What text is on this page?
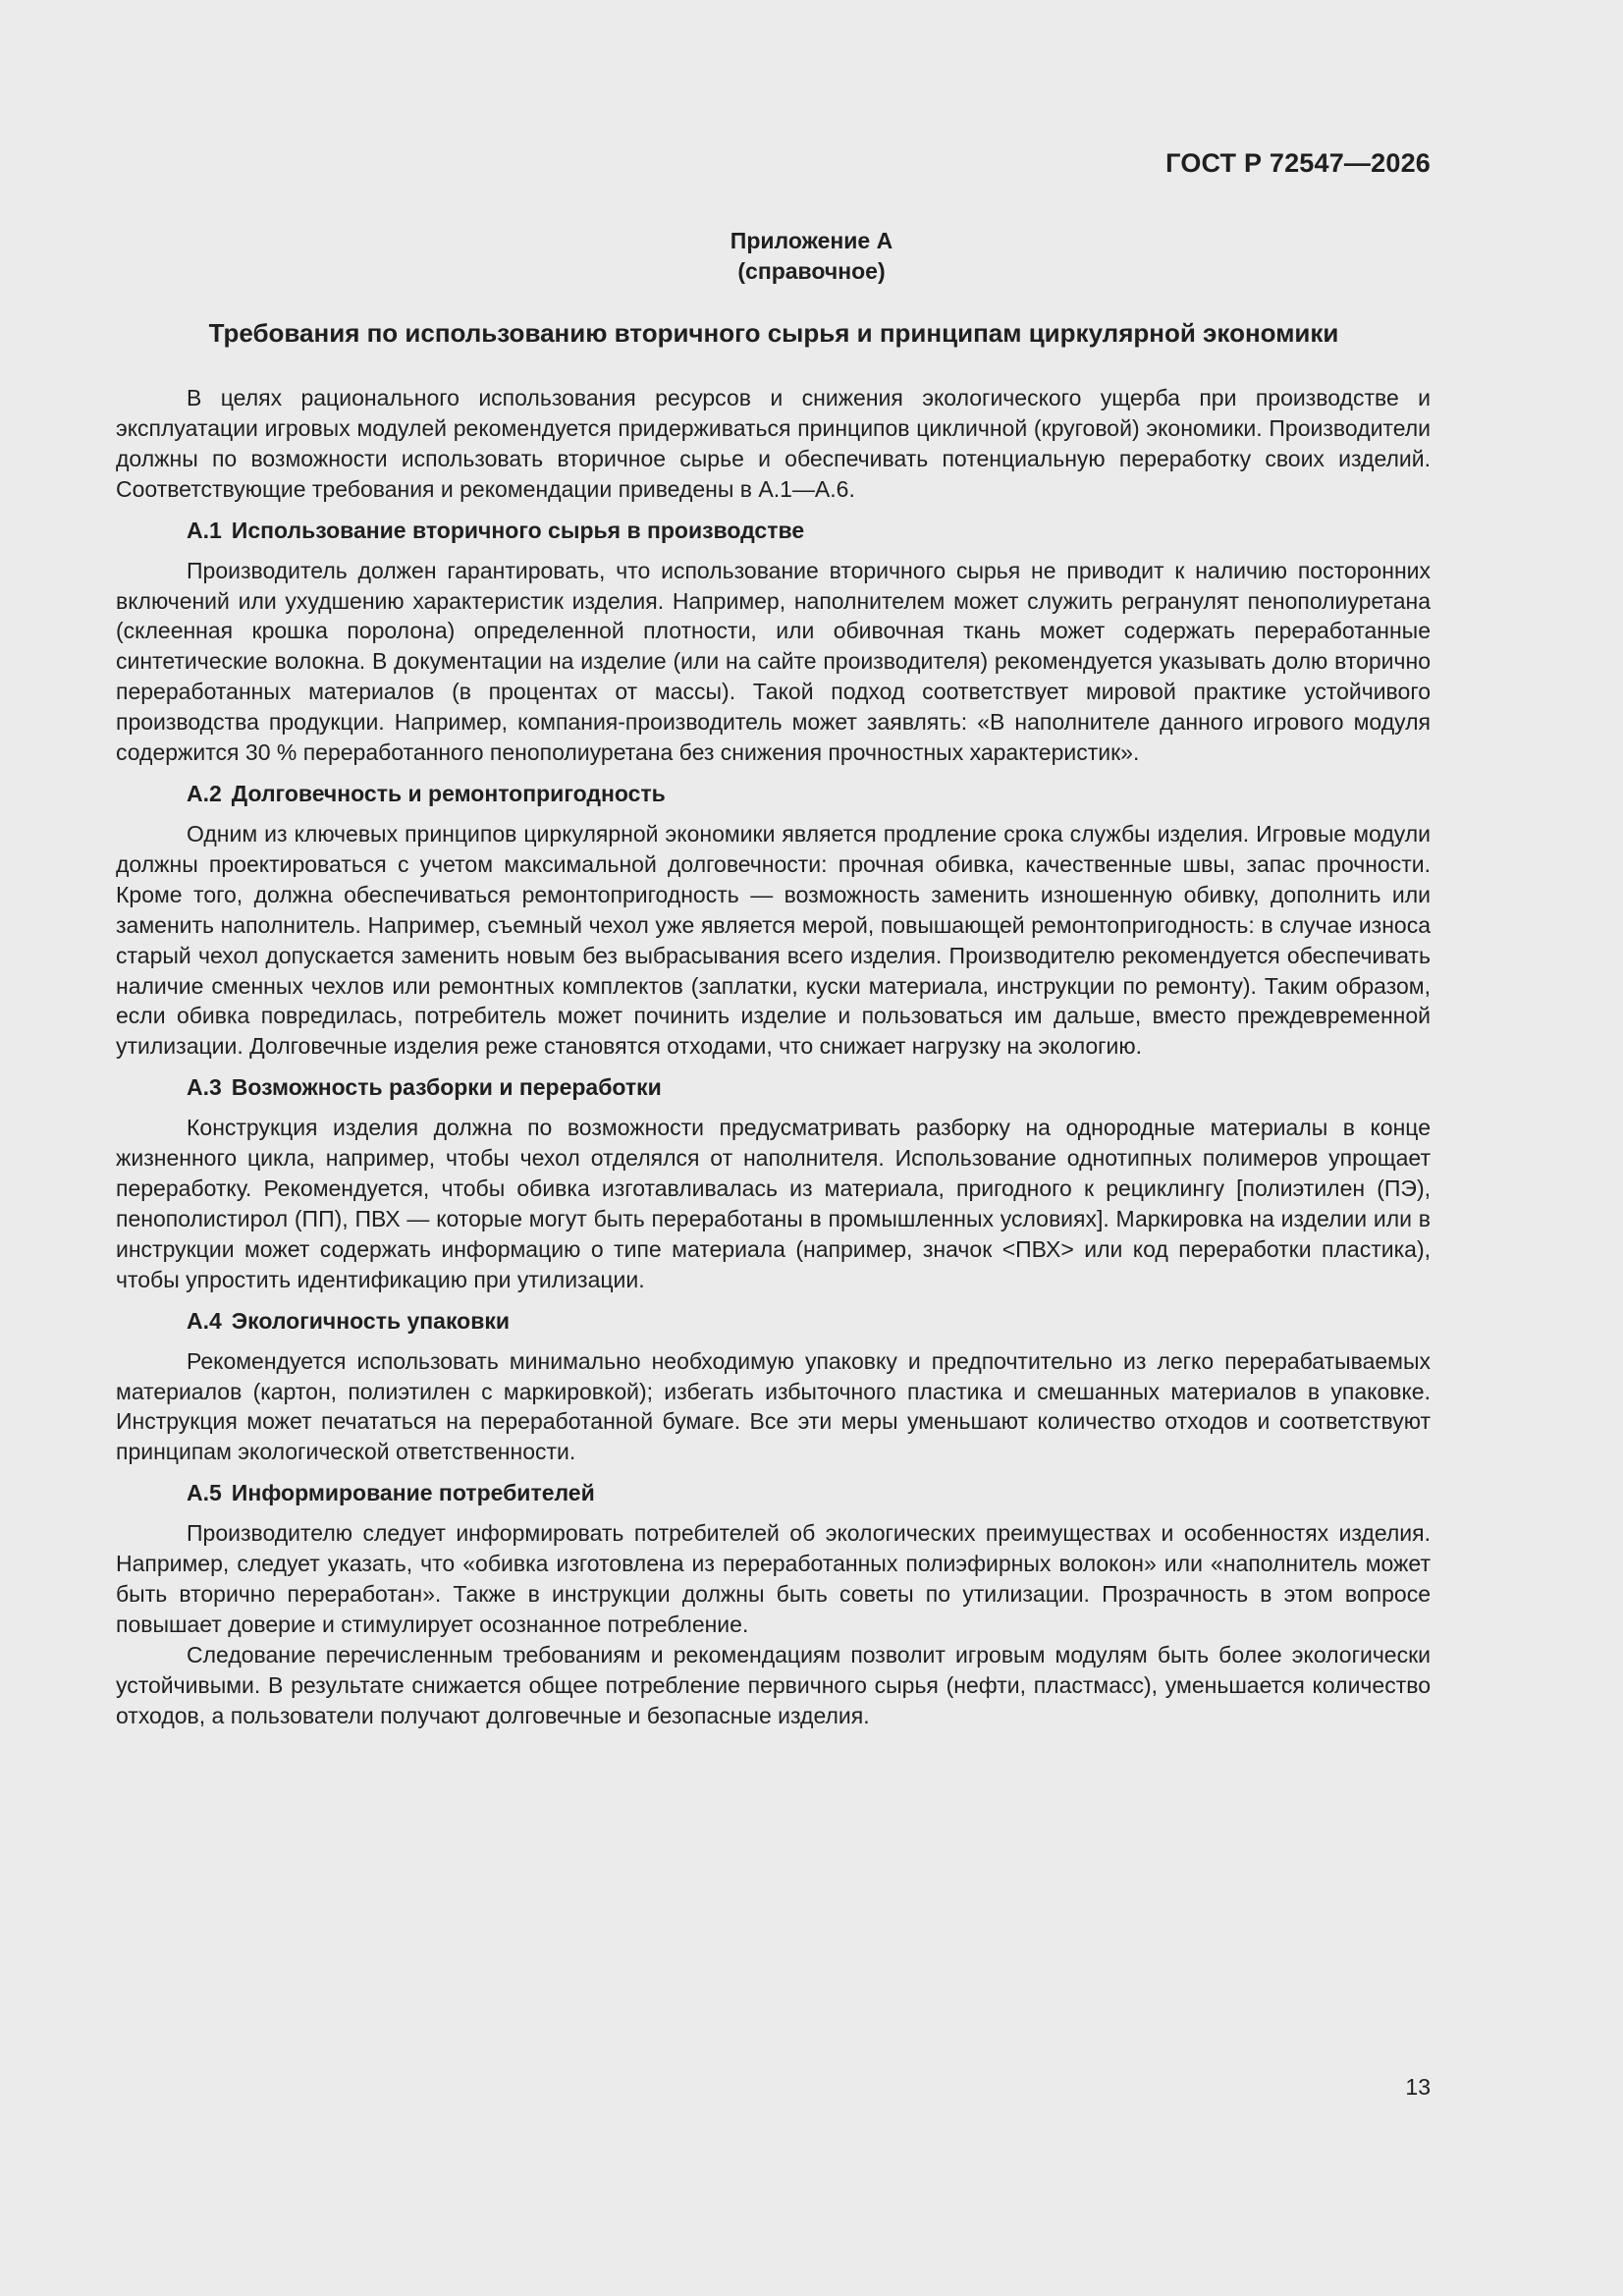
ГОСТ Р 72547—2026
Приложение А
(справочное)
Требования по использованию вторичного сырья и принципам циркулярной экономики

В целях рационального использования ресурсов и снижения экологического ущерба при производстве и эксплуатации игровых модулей рекомендуется придерживаться принципов цикличной (круговой) экономики. Производители должны по возможности использовать вторичное сырье и обеспечивать потенциальную переработку своих изделий. Соответствующие требования и рекомендации приведены в А.1—А.6.

А.1 Использование вторичного сырья в производстве

Производитель должен гарантировать, что использование вторичного сырья не приводит к наличию посторонних включений или ухудшению характеристик изделия. Например, наполнителем может служить регранулят пенополиуретана (склеенная крошка поролона) определенной плотности, или обивочная ткань может содержать переработанные синтетические волокна. В документации на изделие (или на сайте производителя) рекомендуется указывать долю вторично переработанных материалов (в процентах от массы). Такой подход соответствует мировой практике устойчивого производства продукции. Например, компания-производитель может заявлять: «В наполнителе данного игрового модуля содержится 30 % переработанного пенополиуретана без снижения прочностных характеристик».

А.2 Долговечность и ремонтопригодность

Одним из ключевых принципов циркулярной экономики является продление срока службы изделия. Игровые модули должны проектироваться с учетом максимальной долговечности: прочная обивка, качественные швы, запас прочности. Кроме того, должна обеспечиваться ремонтопригодность — возможность заменить изношенную обивку, дополнить или заменить наполнитель. Например, съемный чехол уже является мерой, повышающей ремонтопригодность: в случае износа старый чехол допускается заменить новым без выбрасывания всего изделия. Производителю рекомендуется обеспечивать наличие сменных чехлов или ремонтных комплектов (заплатки, куски материала, инструкции по ремонту). Таким образом, если обивка повредилась, потребитель может починить изделие и пользоваться им дальше, вместо преждевременной утилизации. Долговечные изделия реже становятся отходами, что снижает нагрузку на экологию.

А.3 Возможность разборки и переработки

Конструкция изделия должна по возможности предусматривать разборку на однородные материалы в конце жизненного цикла, например, чтобы чехол отделялся от наполнителя. Использование однотипных полимеров упрощает переработку. Рекомендуется, чтобы обивка изготавливалась из материала, пригодного к рециклингу [полиэтилен (ПЭ), пенополистирол (ПП), ПВХ — которые могут быть переработаны в промышленных условиях]. Маркировка на изделии или в инструкции может содержать информацию о типе материала (например, значок <ПВХ> или код переработки пластика), чтобы упростить идентификацию при утилизации.

А.4 Экологичность упаковки

Рекомендуется использовать минимально необходимую упаковку и предпочтительно из легко перерабатываемых материалов (картон, полиэтилен с маркировкой); избегать избыточного пластика и смешанных материалов в упаковке. Инструкция может печататься на переработанной бумаге. Все эти меры уменьшают количество отходов и соответствуют принципам экологической ответственности.

А.5 Информирование потребителей

Производителю следует информировать потребителей об экологических преимуществах и особенностях изделия. Например, следует указать, что «обивка изготовлена из переработанных полиэфирных волокон» или «наполнитель может быть вторично переработан». Также в инструкции должны быть советы по утилизации. Прозрачность в этом вопросе повышает доверие и стимулирует осознанное потребление.

Следование перечисленным требованиям и рекомендациям позволит игровым модулям быть более экологически устойчивыми. В результате снижается общее потребление первичного сырья (нефти, пластмасс), уменьшается количество отходов, а пользователи получают долговечные и безопасные изделия.

13
